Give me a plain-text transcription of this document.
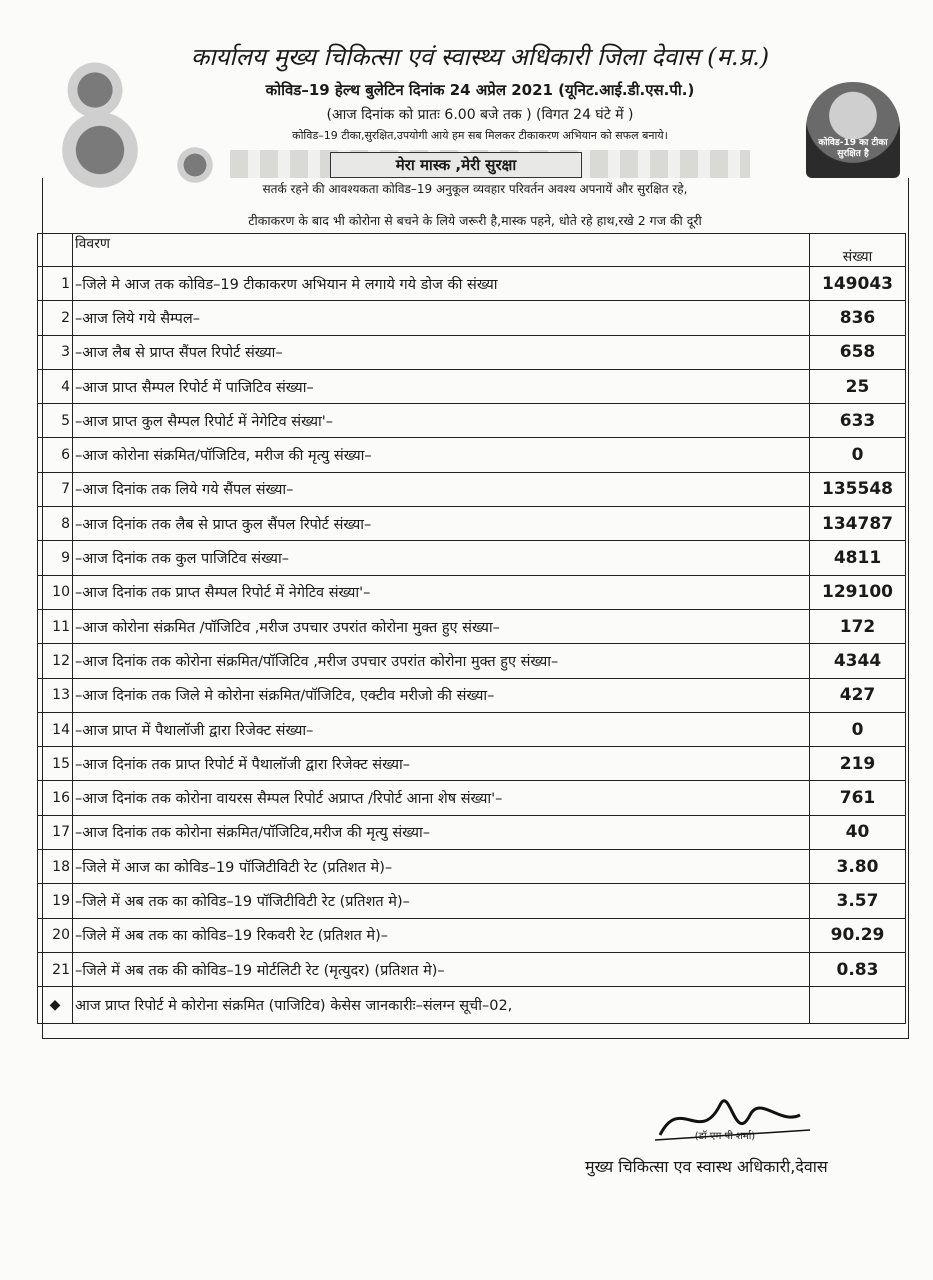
कार्यालय मुख्य चिकित्सा एवं स्वास्थ्य अधिकारी जिला देवास (म.प्र.)
कोविड–19 हेल्थ बुलेटिन दिनांक 24 अप्रेल 2021 (यूनिट.आई.डी.एस.पी.)
(आज दिनांक को प्रातः 6.00 बजे तक ) (विगत 24 घंटे में )
कोविड–19 टीका,सुरक्षित,उपयोगी आये हम सब मिलकर टीकाकरण अभियान को सफल बनाये।
मेरा मास्क ,मेरी सुरक्षा
कोविड-19 का टीका सुरक्षित है
सतर्क रहने की आवश्यकता कोविड–19 अनुकूल व्यवहार परिवर्तन अवश्य अपनायें और सुरक्षित रहे,
टीकाकरण के बाद भी कोरोना से बचने के लिये जरूरी है,मास्क पहने, धोते रहे हाथ,रखे 2 गज की दूरी
	विवरण	संख्या
1	–जिले मे आज तक कोविड–19 टीकाकरण अभियान मे लगाये गये डोज की संख्या	149043
2	–आज लिये गये सैम्पल–	836
3	–आज लैब से प्राप्त सैंपल रिपोर्ट संख्या–	658
4	–आज प्राप्त सैम्पल रिपोर्ट में पाजिटिव संख्या–	25
5	–आज प्राप्त कुल सैम्पल रिपोर्ट में नेगेटिव संख्या'–	633
6	–आज कोरोना संक्रमित/पॉजिटिव, मरीज की मृत्यु संख्या–	0
7	–आज दिनांक तक लिये गये सैंपल संख्या–	135548
8	–आज दिनांक तक लैब से प्राप्त कुल सैंपल रिपोर्ट संख्या–	134787
9	–आज दिनांक तक कुल पाजिटिव संख्या–	4811
10	–आज दिनांक तक प्राप्त सैम्पल रिपोर्ट में नेगेटिव संख्या'–	129100
11	–आज कोरोना संक्रमित /पॉजिटिव ,मरीज उपचार उपरांत कोरोना मुक्त हुए संख्या–	172
12	–आज दिनांक तक कोरोना संक्रमित/पॉजिटिव ,मरीज उपचार उपरांत कोरोना मुक्त हुए संख्या–	4344
13	–आज दिनांक तक जिले मे कोरोना संक्रमित/पॉजिटिव, एक्टीव मरीजो की संख्या–	427
14	–आज प्राप्त में पैथालॉजी द्वारा रिजेक्ट संख्या–	0
15	–आज दिनांक तक प्राप्त रिपोर्ट में पैथालॉजी द्वारा रिजेक्ट संख्या–	219
16	–आज दिनांक तक कोरोना वायरस सैम्पल रिपोर्ट अप्राप्त /रिपोर्ट आना शेष संख्या'–	761
17	–आज दिनांक तक कोरोना संक्रमित/पॉजिटिव,मरीज की मृत्यु संख्या–	40
18	–जिले में आज का कोविड–19 पॉजिटीविटी रेट (प्रतिशत मे)–	3.80
19	–जिले में अब तक का कोविड–19 पॉजिटीविटी रेट (प्रतिशत मे)–	3.57
20	–जिले में अब तक का कोविड–19 रिकवरी रेट (प्रतिशत मे)–	90.29
21	–जिले में अब तक की कोविड–19 मोर्टलिटी रेट (मृत्युदर) (प्रतिशत मे)–	0.83
◆	आज प्राप्त रिपोर्ट मे कोरोना संक्रमित (पाजिटिव) केसेस जानकारीः–संलग्न सूची–02,	
(डॉ एम पी शर्मा)
मुख्य चिकित्सा एव स्वास्थ अधिकारी,देवास
